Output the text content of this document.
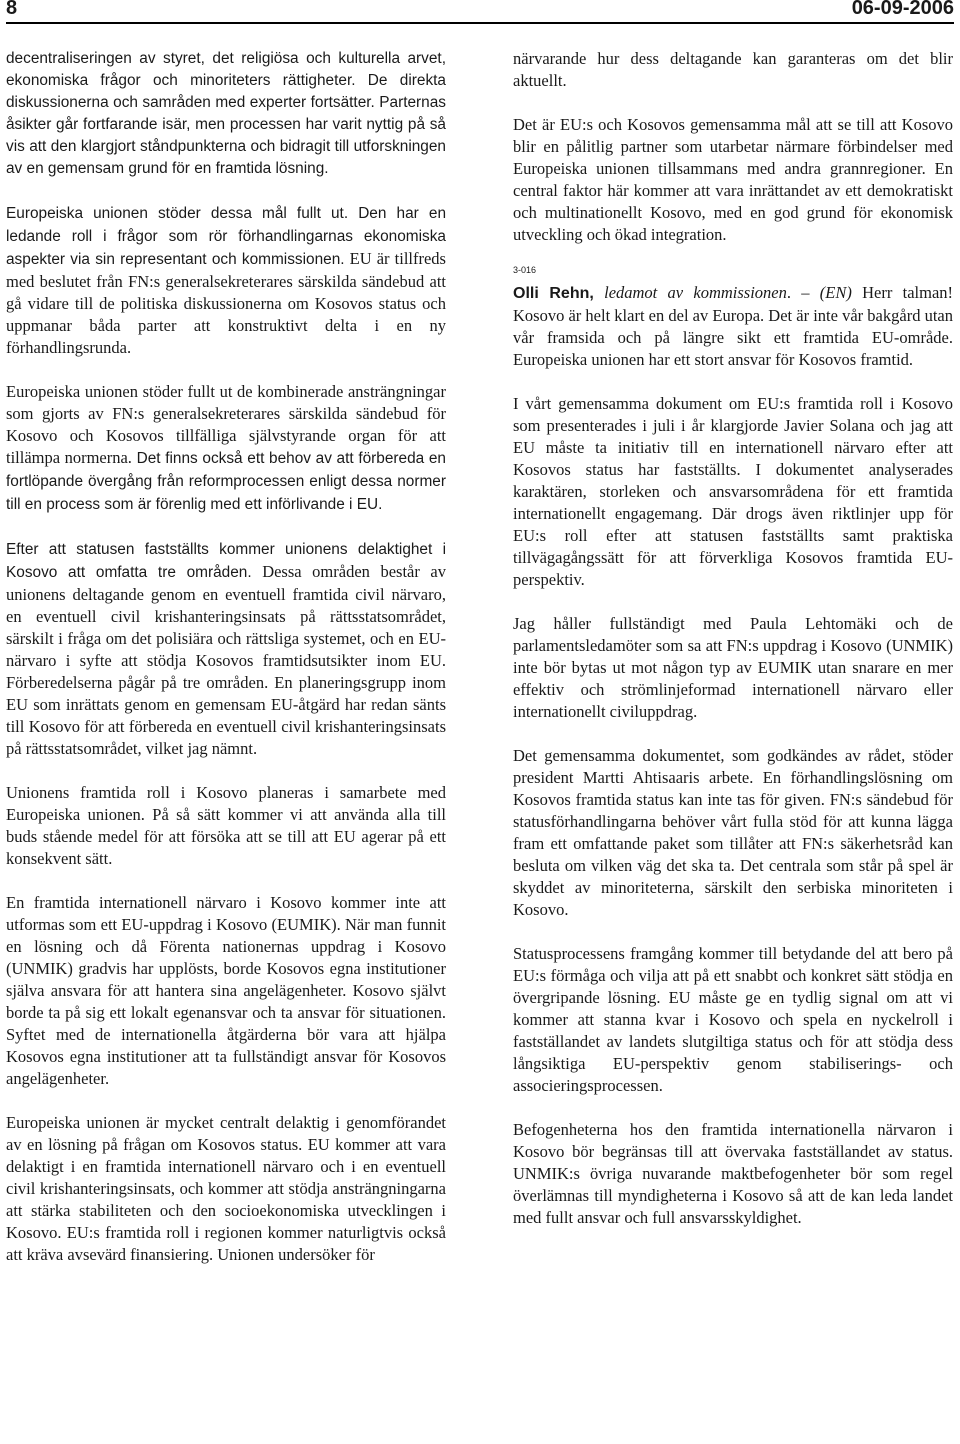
8	06-09-2006

decentraliseringen av styret, det religiösa och kulturella arvet, ekonomiska frågor och minoriteters rättigheter. De direkta diskussionerna och samråden med experter fortsätter. Parternas åsikter går fortfarande isär, men processen har varit nyttig på så vis att den klargjort ståndpunkterna och bidragit till utforskningen av en gemensam grund för en framtida lösning.

Europeiska unionen stöder dessa mål fullt ut. Den har en ledande roll i frågor som rör förhandlingarnas ekonomiska aspekter via sin representant och kommissionen. EU är tillfreds med beslutet från FN:s generalsekreterares särskilda sändebud att gå vidare till de politiska diskussionerna om Kosovos status och uppmanar båda parter att konstruktivt delta i en ny förhandlingsrunda.

Europeiska unionen stöder fullt ut de kombinerade ansträngningar som gjorts av FN:s generalsekreterares särskilda sändebud för Kosovo och Kosovos tillfälliga självstyrande organ för att tillämpa normerna. Det finns också ett behov av att förbereda en fortlöpande övergång från reformprocessen enligt dessa normer till en process som är förenlig med ett införlivande i EU.

Efter att statusen fastställts kommer unionens delaktighet i Kosovo att omfatta tre områden. Dessa områden består av unionens deltagande genom en eventuell framtida civil närvaro, en eventuell civil krishanteringsinsats på rättsstatsområdet, särskilt i fråga om det polisiära och rättsliga systemet, och en EU-närvaro i syfte att stödja Kosovos framtidsutsikter inom EU. Förberedelserna pågår på tre områden. En planeringsgrupp inom EU som inrättats genom en gemensam EU-åtgärd har redan sänts till Kosovo för att förbereda en eventuell civil krishanteringsinsats på rättsstatsområdet, vilket jag nämnt.

Unionens framtida roll i Kosovo planeras i samarbete med Europeiska unionen. På så sätt kommer vi att använda alla till buds stående medel för att försöka att se till att EU agerar på ett konsekvent sätt.

En framtida internationell närvaro i Kosovo kommer inte att utformas som ett EU-uppdrag i Kosovo (EUMIK). När man funnit en lösning och då Förenta nationernas uppdrag i Kosovo (UNMIK) gradvis har upplösts, borde Kosovos egna institutioner själva ansvara för att hantera sina angelägenheter. Kosovo självt borde ta på sig ett lokalt egenansvar och ta ansvar för situationen. Syftet med de internationella åtgärderna bör vara att hjälpa Kosovos egna institutioner att ta fullständigt ansvar för Kosovos angelägenheter.

Europeiska unionen är mycket centralt delaktig i genomförandet av en lösning på frågan om Kosovos status. EU kommer att vara delaktigt i en framtida internationell närvaro och i en eventuell civil krishanteringsinsats, och kommer att stödja ansträngningarna att stärka stabiliteten och den socioekonomiska utvecklingen i Kosovo. EU:s framtida roll i regionen kommer naturligtvis också att kräva avsevärd finansiering. Unionen undersöker för

närvarande hur dess deltagande kan garanteras om det blir aktuellt.

Det är EU:s och Kosovos gemensamma mål att se till att Kosovo blir en pålitlig partner som utarbetar närmare förbindelser med Europeiska unionen tillsammans med andra grannregioner. En central faktor här kommer att vara inrättandet av ett demokratiskt och multinationellt Kosovo, med en god grund för ekonomisk utveckling och ökad integration.

3-016

Olli Rehn, ledamot av kommissionen. – (EN) Herr talman! Kosovo är helt klart en del av Europa. Det är inte vår bakgård utan vår framsida och på längre sikt ett framtida EU-område. Europeiska unionen har ett stort ansvar för Kosovos framtid.

I vårt gemensamma dokument om EU:s framtida roll i Kosovo som presenterades i juli i år klargjorde Javier Solana och jag att EU måste ta initiativ till en internationell närvaro efter att Kosovos status har fastställts. I dokumentet analyserades karaktären, storleken och ansvarsområdena för ett framtida internationellt engagemang. Där drogs även riktlinjer upp för EU:s roll efter att statusen fastställts samt praktiska tillvägagångssätt för att förverkliga Kosovos framtida EU-perspektiv.

Jag håller fullständigt med Paula Lehtomäki och de parlamentsledamöter som sa att FN:s uppdrag i Kosovo (UNMIK) inte bör bytas ut mot någon typ av EUMIK utan snarare en mer effektiv och strömlinjeformad internationell närvaro eller internationellt civiluppdrag.

Det gemensamma dokumentet, som godkändes av rådet, stöder president Martti Ahtisaaris arbete. En förhandlingslösning om Kosovos framtida status kan inte tas för given. FN:s sändebud för statusförhandlingarna behöver vårt fulla stöd för att kunna lägga fram ett omfattande paket som tillåter att FN:s säkerhetsråd kan besluta om vilken väg det ska ta. Det centrala som står på spel är skyddet av minoriteterna, särskilt den serbiska minoriteten i Kosovo.

Statusprocessens framgång kommer till betydande del att bero på EU:s förmåga och vilja att på ett snabbt och konkret sätt stödja en övergripande lösning. EU måste ge en tydlig signal om att vi kommer att stanna kvar i Kosovo och spela en nyckelroll i fastställandet av landets slutgiltiga status och för att stödja dess långsiktiga EU-perspektiv genom stabiliserings- och associeringsprocessen.

Befogenheterna hos den framtida internationella närvaron i Kosovo bör begränsas till att övervaka fastställandet av status. UNMIK:s övriga nuvarande maktbefogenheter bör som regel överlämnas till myndigheterna i Kosovo så att de kan leda landet med fullt ansvar och full ansvarsskyldighet.
